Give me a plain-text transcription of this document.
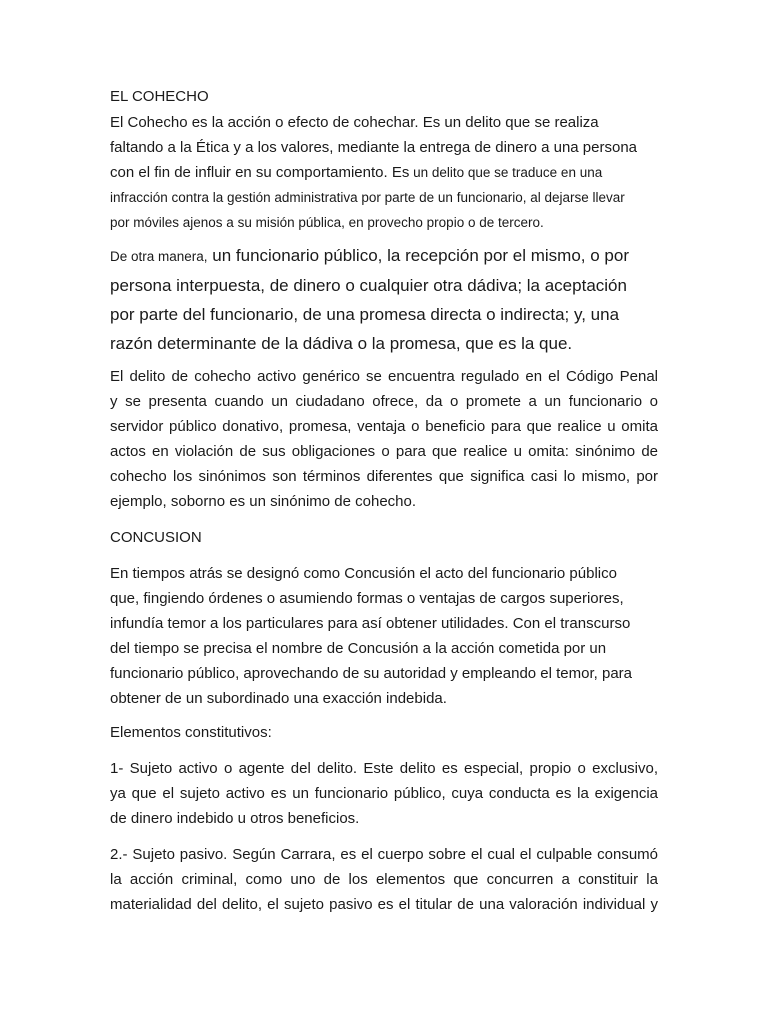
EL COHECHO
El Cohecho es la acción o efecto de cohechar. Es un delito que se realiza
faltando a la Ética y a los valores, mediante la entrega de dinero a una persona
con el fin de influir en su comportamiento. Es un delito que se traduce en una
infracción contra la gestión administrativa por parte de un funcionario, al dejarse llevar
por móviles ajenos a su misión pública, en provecho propio o de tercero.
De otra manera, un funcionario público, la recepción por el mismo, o por
persona interpuesta, de dinero o cualquier otra dádiva; la aceptación
por parte del funcionario, de una promesa directa o indirecta; y, una
razón determinante de la dádiva o la promesa, que es la que.
El delito de cohecho activo genérico se encuentra regulado en el Código Penal
y se presenta cuando un ciudadano ofrece, da o promete a un funcionario o
servidor público donativo, promesa, ventaja o beneficio para que realice u omita
actos en violación de sus obligaciones o para que realice u omita: sinónimo de
cohecho los sinónimos son términos diferentes que significa casi lo mismo, por
ejemplo, soborno es un sinónimo de cohecho.
CONCUSION
En tiempos atrás se designó como Concusión el acto del funcionario público
que, fingiendo órdenes o asumiendo formas o ventajas de cargos superiores,
infundía temor a los particulares para así obtener utilidades. Con el transcurso
del tiempo se precisa el nombre de Concusión a la acción cometida por un
funcionario público, aprovechando de su autoridad y empleando el temor, para
obtener de un subordinado una exacción indebida.
Elementos constitutivos:
1- Sujeto activo o agente del delito. Este delito es especial, propio o exclusivo,
ya que el sujeto activo es un funcionario público, cuya conducta es la exigencia
de dinero indebido u otros beneficios.
2.- Sujeto pasivo. Según Carrara, es el cuerpo sobre el cual el culpable consumó
la acción criminal, como uno de los elementos que concurren a constituir la
materialidad del delito, el sujeto pasivo es el titular de una valoración individual y
